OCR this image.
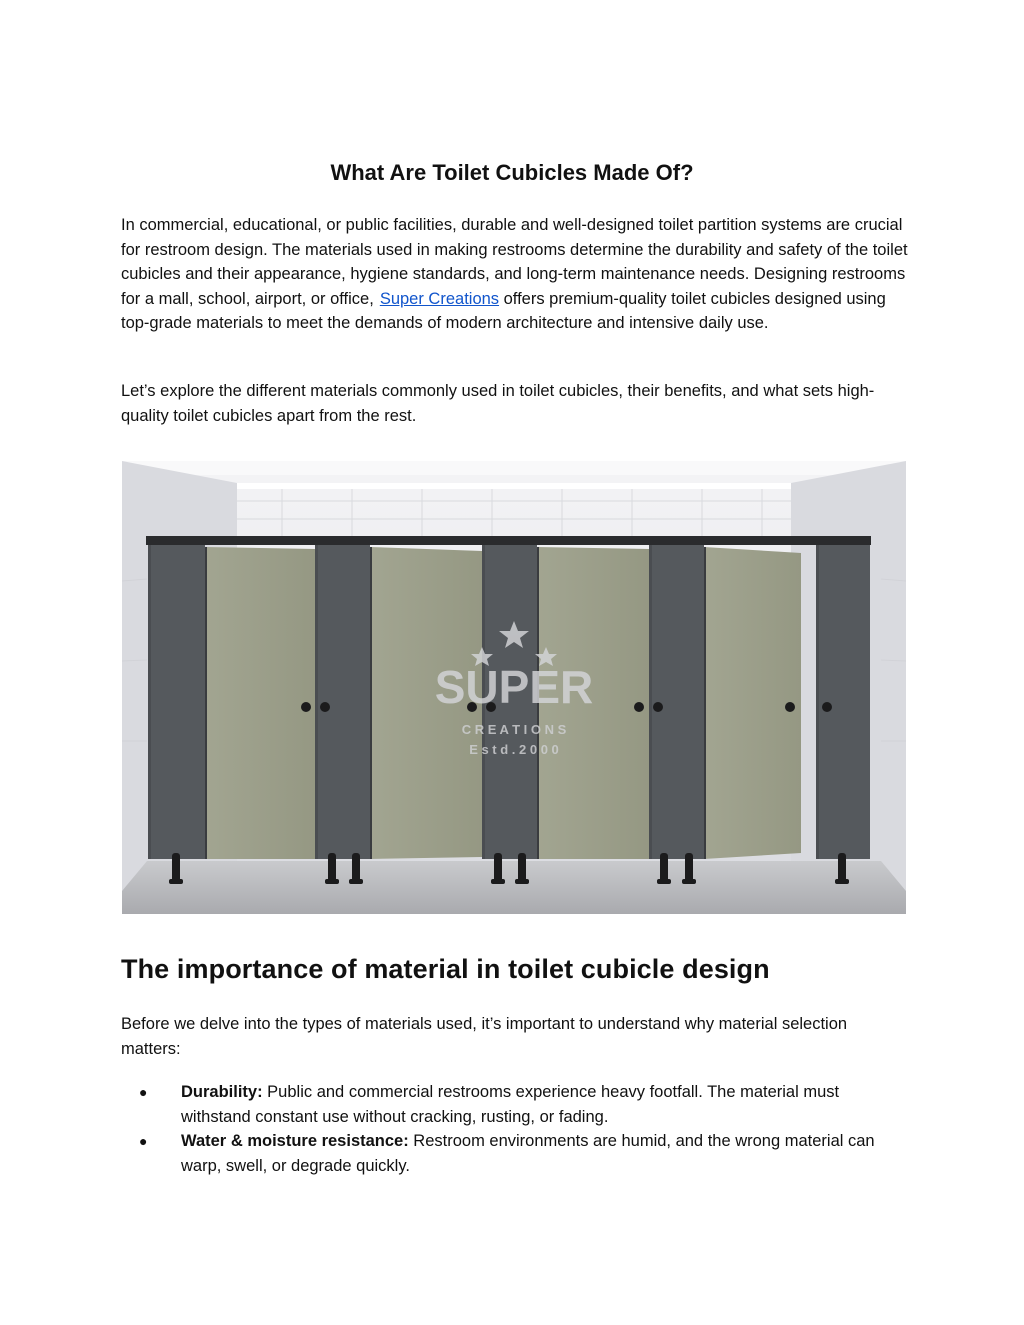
What Are Toilet Cubicles Made Of?

In commercial, educational, or public facilities, durable and well-designed toilet partition systems are crucial for restroom design. The materials used in making restrooms determine the durability and safety of the toilet cubicles and their appearance, hygiene standards, and long-term maintenance needs. Designing restrooms for a mall, school, airport, or office, Super Creations offers premium-quality toilet cubicles designed using top-grade materials to meet the demands of modern architecture and intensive daily use.

Let’s explore the different materials commonly used in toilet cubicles, their benefits, and what sets high-quality toilet cubicles apart from the rest.

SUPER
C R E A T I O N S
E s t d . 2 0 0 0
The importance of material in toilet cubicle design

Before we delve into the types of materials used, it’s important to understand why material selection matters:

● Durability: Public and commercial restrooms experience heavy footfall. The material must withstand constant use without cracking, rusting, or fading.
● Water & moisture resistance: Restroom environments are humid, and the wrong material can warp, swell, or degrade quickly.
